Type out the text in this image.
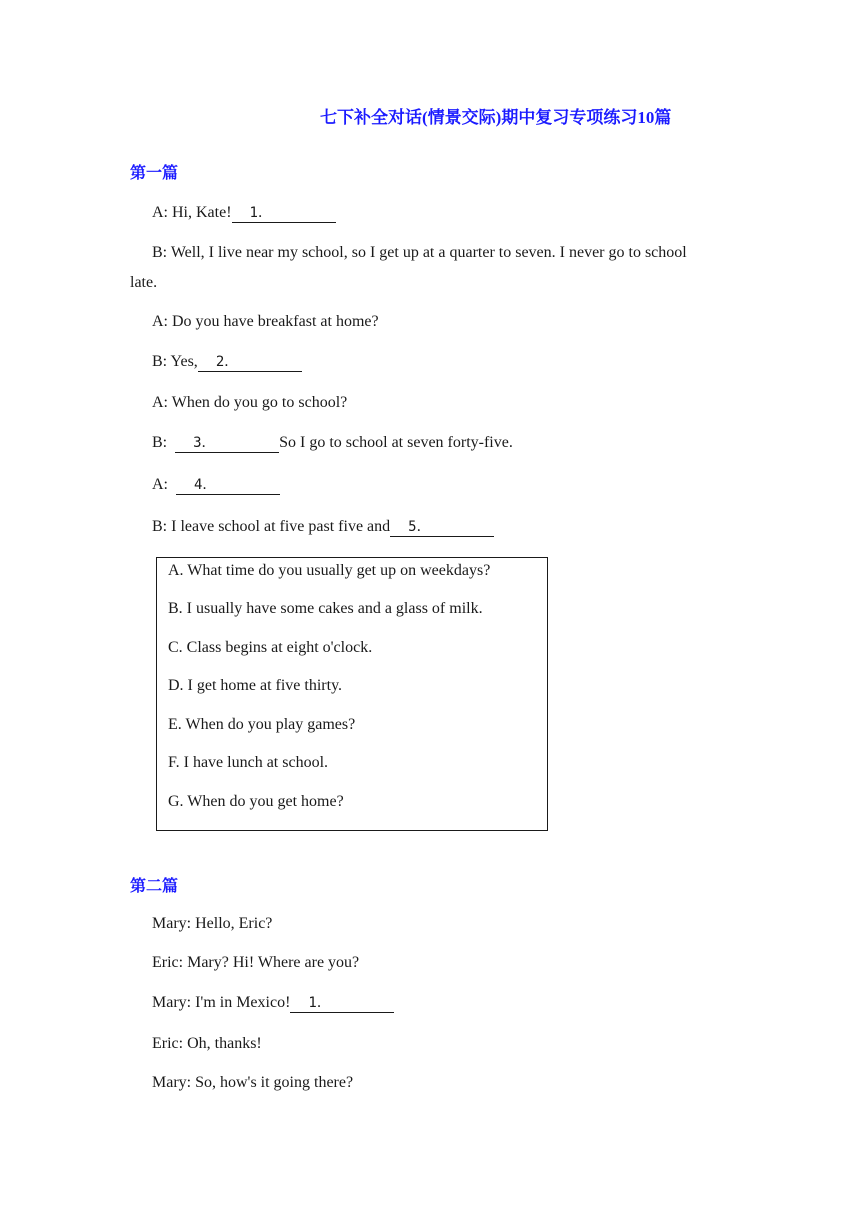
七下补全对话(情景交际)期中复习专项练习10篇
第一篇
A: Hi, Kate! 1．
B: Well, I live near my school, so I get up at a quarter to seven. I never go to school late.
A: Do you have breakfast at home?
B: Yes, 2．
A: When do you go to school?
B: 3．	So I go to school at seven forty-five.
A: 4．
B: I leave school at five past five and 5．
A. What time do you usually get up on weekdays?
B. I usually have some cakes and a glass of milk.
C. Class begins at eight o'clock.
D. I get home at five thirty.
E. When do you play games?
F. I have lunch at school.
G. When do you get home?
第二篇
Mary: Hello, Eric?
Eric: Mary? Hi! Where are you?
Mary: I'm in Mexico! 1．
Eric: Oh, thanks!
Mary: So, how's it going there?
